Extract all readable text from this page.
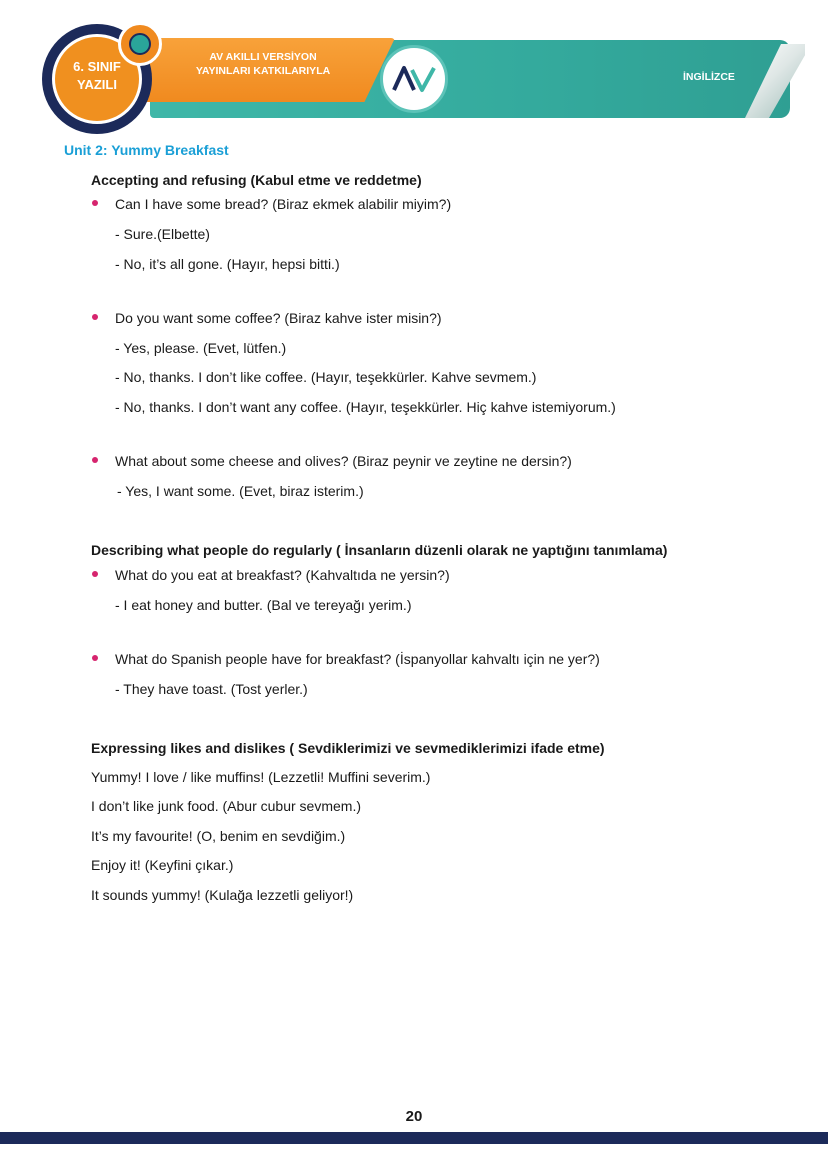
AV AKILLI VERSİYON
YAYINLARI KATKILARIYLA
6. SINIF
YAZILI	İNGİLİZCE
Unit 2: Yummy Breakfast
Accepting and refusing (Kabul etme ve reddetme)
Can I have some bread? (Biraz ekmek alabilir miyim?)
- Sure.(Elbette)
- No, it’s all gone. (Hayır, hepsi bitti.)
Do you want some coffee? (Biraz kahve ister misin?)
- Yes, please. (Evet, lütfen.)
- No, thanks. I don’t like coffee. (Hayır, teşekkürler. Kahve sevmem.)
- No, thanks. I don’t want any coffee. (Hayır, teşekkürler. Hiç kahve istemiyorum.)
What about some cheese and olives? (Biraz peynir ve zeytine ne dersin?)
- Yes, I want some. (Evet, biraz isterim.)
Describing what people do regularly ( İnsanların düzenli olarak ne yaptığını tanımlama)
What do you eat at breakfast? (Kahvaltıda ne yersin?)
- I eat honey and butter. (Bal ve tereyağı yerim.)
What do Spanish people have for breakfast? (İspanyollar kahvaltı için ne yer?)
- They have toast. (Tost yerler.)
Expressing likes and dislikes ( Sevdiklerimizi ve sevmediklerimizi ifade etme)
Yummy! I love / like muffins! (Lezzetli! Muffini severim.)
I don’t like junk food. (Abur cubur sevmem.)
It’s my favourite! (O, benim en sevdiğim.)
Enjoy it! (Keyfini çıkar.)
It sounds yummy! (Kulağa lezzetli geliyor!)
20
